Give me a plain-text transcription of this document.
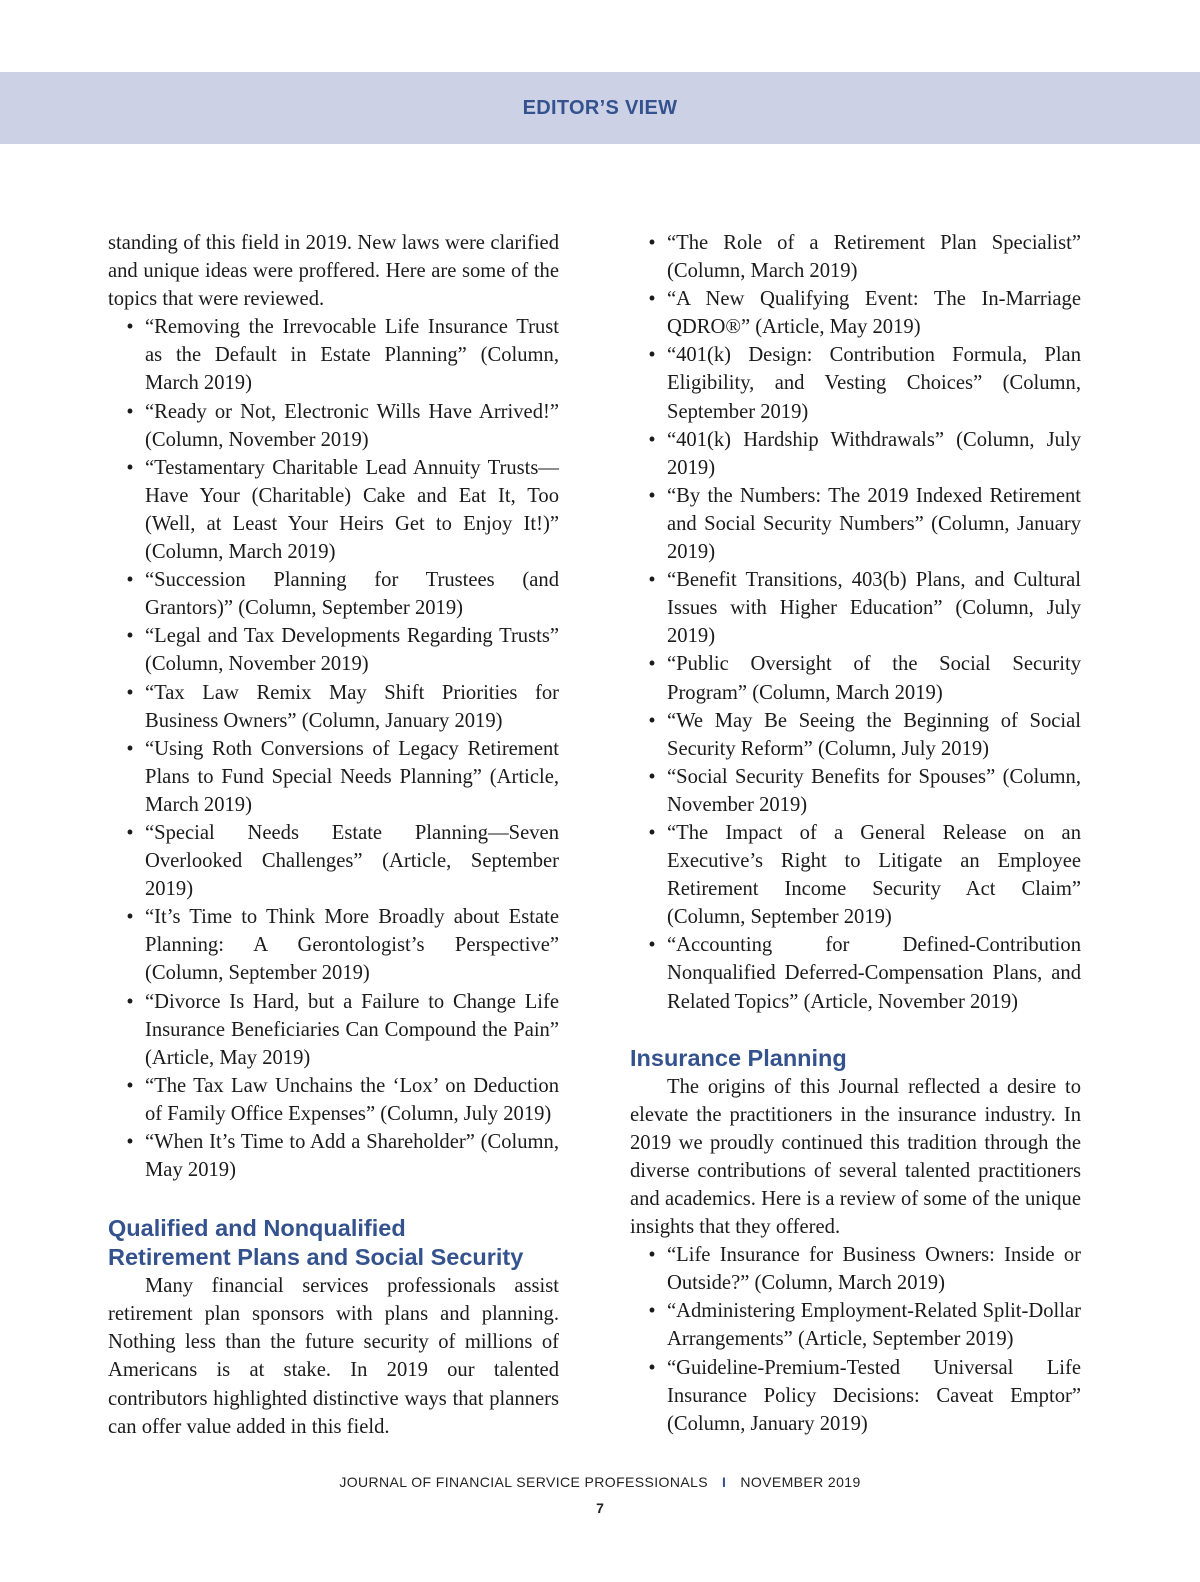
EDITOR’S VIEW

standing of this field in 2019. New laws were clarified and unique ideas were proffered. Here are some of the topics that were reviewed.

• “Removing the Irrevocable Life Insurance Trust as the Default in Estate Planning” (Column, March 2019)
• “Ready or Not, Electronic Wills Have Arrived!” (Column, November 2019)
• “Testamentary Charitable Lead Annuity Trusts—Have Your (Charitable) Cake and Eat It, Too (Well, at Least Your Heirs Get to Enjoy It!)” (Column, March 2019)
• “Succession Planning for Trustees (and Grantors)” (Column, September 2019)
• “Legal and Tax Developments Regarding Trusts” (Column, November 2019)
• “Tax Law Remix May Shift Priorities for Business Owners” (Column, January 2019)
• “Using Roth Conversions of Legacy Retirement Plans to Fund Special Needs Planning” (Article, March 2019)
• “Special Needs Estate Planning—Seven Overlooked Challenges” (Article, September 2019)
• “It’s Time to Think More Broadly about Estate Planning: A Gerontologist’s Perspective” (Column, September 2019)
• “Divorce Is Hard, but a Failure to Change Life Insurance Beneficiaries Can Compound the Pain” (Article, May 2019)
• “The Tax Law Unchains the ‘Lox’ on Deduction of Family Office Expenses” (Column, July 2019)
• “When It’s Time to Add a Shareholder” (Column, May 2019)
Qualified and Nonqualified
Retirement Plans and Social Security

Many financial services professionals assist retirement plan sponsors with plans and planning. Nothing less than the future security of millions of Americans is at stake. In 2019 our talented contributors highlighted distinctive ways that planners can offer value added in this field.

• “The Role of a Retirement Plan Specialist” (Column, March 2019)
• “A New Qualifying Event: The In-Marriage QDRO®” (Article, May 2019)
• “401(k) Design: Contribution Formula, Plan Eligibility, and Vesting Choices” (Column, September 2019)
• “401(k) Hardship Withdrawals” (Column, July 2019)
• “By the Numbers: The 2019 Indexed Retirement and Social Security Numbers” (Column, January 2019)
• “Benefit Transitions, 403(b) Plans, and Cultural Issues with Higher Education” (Column, July 2019)
• “Public Oversight of the Social Security Program” (Column, March 2019)
• “We May Be Seeing the Beginning of Social Security Reform” (Column, July 2019)
• “Social Security Benefits for Spouses” (Column, November 2019)
• “The Impact of a General Release on an Executive’s Right to Litigate an Employee Retirement Income Security Act Claim” (Column, September 2019)
• “Accounting for Defined-Contribution Nonqualified Deferred-Compensation Plans, and Related Topics” (Article, November 2019)
Insurance Planning

The origins of this Journal reflected a desire to elevate the practitioners in the insurance industry. In 2019 we proudly continued this tradition through the diverse contributions of several talented practitioners and academics. Here is a review of some of the unique insights that they offered.

• “Life Insurance for Business Owners: Inside or Outside?” (Column, March 2019)
• “Administering Employment-Related Split-Dollar Arrangements” (Article, September 2019)
• “Guideline-Premium-Tested Universal Life Insurance Policy Decisions: Caveat Emptor” (Column, January 2019)
JOURNAL OF FINANCIAL SERVICE PROFESSIONALS I NOVEMBER 2019
7
